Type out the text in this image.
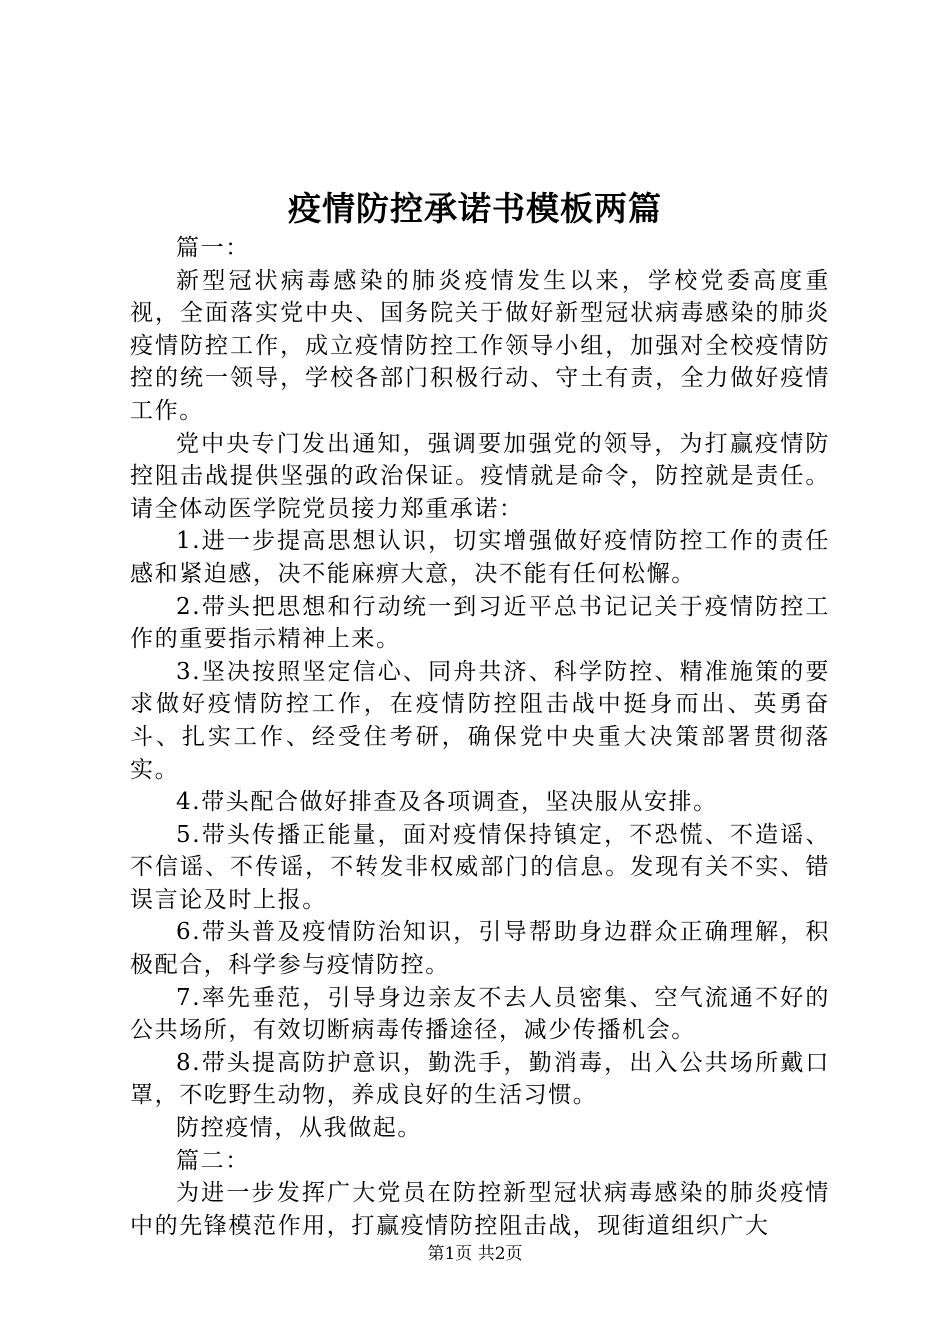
疫情防控承诺书模板两篇

篇一：

新型冠状病毒感染的肺炎疫情发生以来，学校党委高度重视，全面落实党中央、国务院关于做好新型冠状病毒感染的肺炎疫情防控工作，成立疫情防控工作领导小组，加强对全校疫情防控的统一领导，学校各部门积极行动、守土有责，全力做好疫情工作。

党中央专门发出通知，强调要加强党的领导，为打赢疫情防控阻击战提供坚强的政治保证。疫情就是命令，防控就是责任。请全体动医学院党员接力郑重承诺：

1.进一步提高思想认识，切实增强做好疫情防控工作的责任感和紧迫感，决不能麻痹大意，决不能有任何松懈。

2.带头把思想和行动统一到习近平总书记记关于疫情防控工作的重要指示精神上来。

3.坚决按照坚定信心、同舟共济、科学防控、精准施策的要求做好疫情防控工作，在疫情防控阻击战中挺身而出、英勇奋斗、扎实工作、经受住考研，确保党中央重大决策部署贯彻落实。

4.带头配合做好排查及各项调查，坚决服从安排。

5.带头传播正能量，面对疫情保持镇定，不恐慌、不造谣、不信谣、不传谣，不转发非权威部门的信息。发现有关不实、错误言论及时上报。

6.带头普及疫情防治知识，引导帮助身边群众正确理解，积极配合，科学参与疫情防控。

7.率先垂范，引导身边亲友不去人员密集、空气流通不好的公共场所，有效切断病毒传播途径，减少传播机会。

8.带头提高防护意识，勤洗手，勤消毒，出入公共场所戴口罩，不吃野生动物，养成良好的生活习惯。

防控疫情，从我做起。

篇二：

为进一步发挥广大党员在防控新型冠状病毒感染的肺炎疫情中的先锋模范作用，打赢疫情防控阻击战，现街道组织广大

第1页 共2页
